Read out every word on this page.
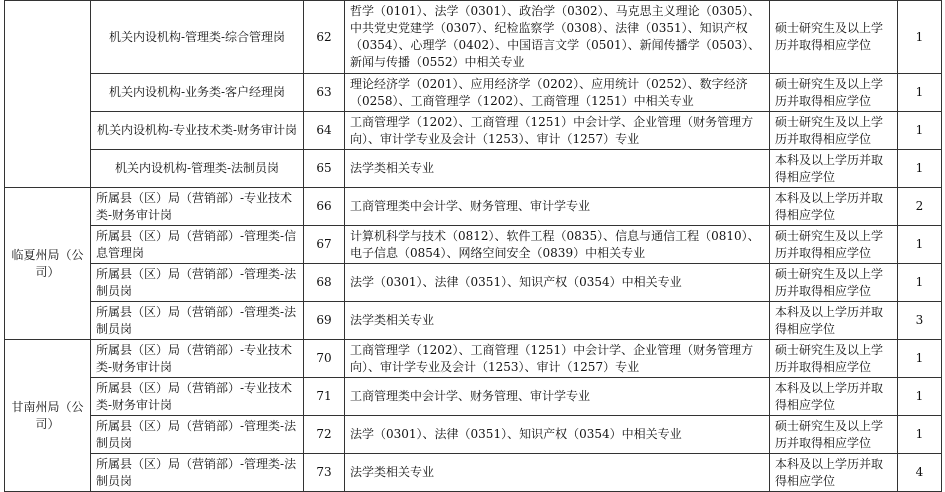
	机关内设机构-管理类-综合管理岗	62	哲学（0101）、法学（0301）、政治学（0302）、马克思主义理论（0305）、中共党史党建学（0307）、纪检监察学（0308）、法律（0351）、知识产权（0354）、心理学（0402）、中国语言文学（0501）、新闻传播学（0503）、新闻与传播（0552）中相关专业	硕士研究生及以上学历并取得相应学位	1
	机关内设机构-业务类-客户经理岗	63	理论经济学（0201）、应用经济学（0202）、应用统计（0252）、数字经济（0258）、工商管理学（1202）、工商管理（1251）中相关专业	硕士研究生及以上学历并取得相应学位	1
	机关内设机构-专业技术类-财务审计岗	64	工商管理学（1202）、工商管理（1251）中会计学、企业管理（财务管理方向）、审计学专业及会计（1253）、审计（1257）专业	硕士研究生及以上学历并取得相应学位	1
	机关内设机构-管理类-法制员岗	65	法学类相关专业	本科及以上学历并取得相应学位	1
临夏州局（公司）	所属县（区）局（营销部）-专业技术类-财务审计岗	66	工商管理类中会计学、财务管理、审计学专业	本科及以上学历并取得相应学位	2
	所属县（区）局（营销部）-管理类-信息管理岗	67	计算机科学与技术（0812）、软件工程（0835）、信息与通信工程（0810）、电子信息（0854）、网络空间安全（0839）中相关专业	硕士研究生及以上学历并取得相应学位	1
	所属县（区）局（营销部）-管理类-法制员岗	68	法学（0301）、法律（0351）、知识产权（0354）中相关专业	硕士研究生及以上学历并取得相应学位	1
	所属县（区）局（营销部）-管理类-法制员岗	69	法学类相关专业	本科及以上学历并取得相应学位	3
甘南州局（公司）	所属县（区）局（营销部）-专业技术类-财务审计岗	70	工商管理学（1202）、工商管理（1251）中会计学、企业管理（财务管理方向）、审计学专业及会计（1253）、审计（1257）专业	硕士研究生及以上学历并取得相应学位	1
	所属县（区）局（营销部）-专业技术类-财务审计岗	71	工商管理类中会计学、财务管理、审计学专业	本科及以上学历并取得相应学位	1
	所属县（区）局（营销部）-管理类-法制员岗	72	法学（0301）、法律（0351）、知识产权（0354）中相关专业	硕士研究生及以上学历并取得相应学位	1
	所属县（区）局（营销部）-管理类-法制员岗	73	法学类相关专业	本科及以上学历并取得相应学位	4
